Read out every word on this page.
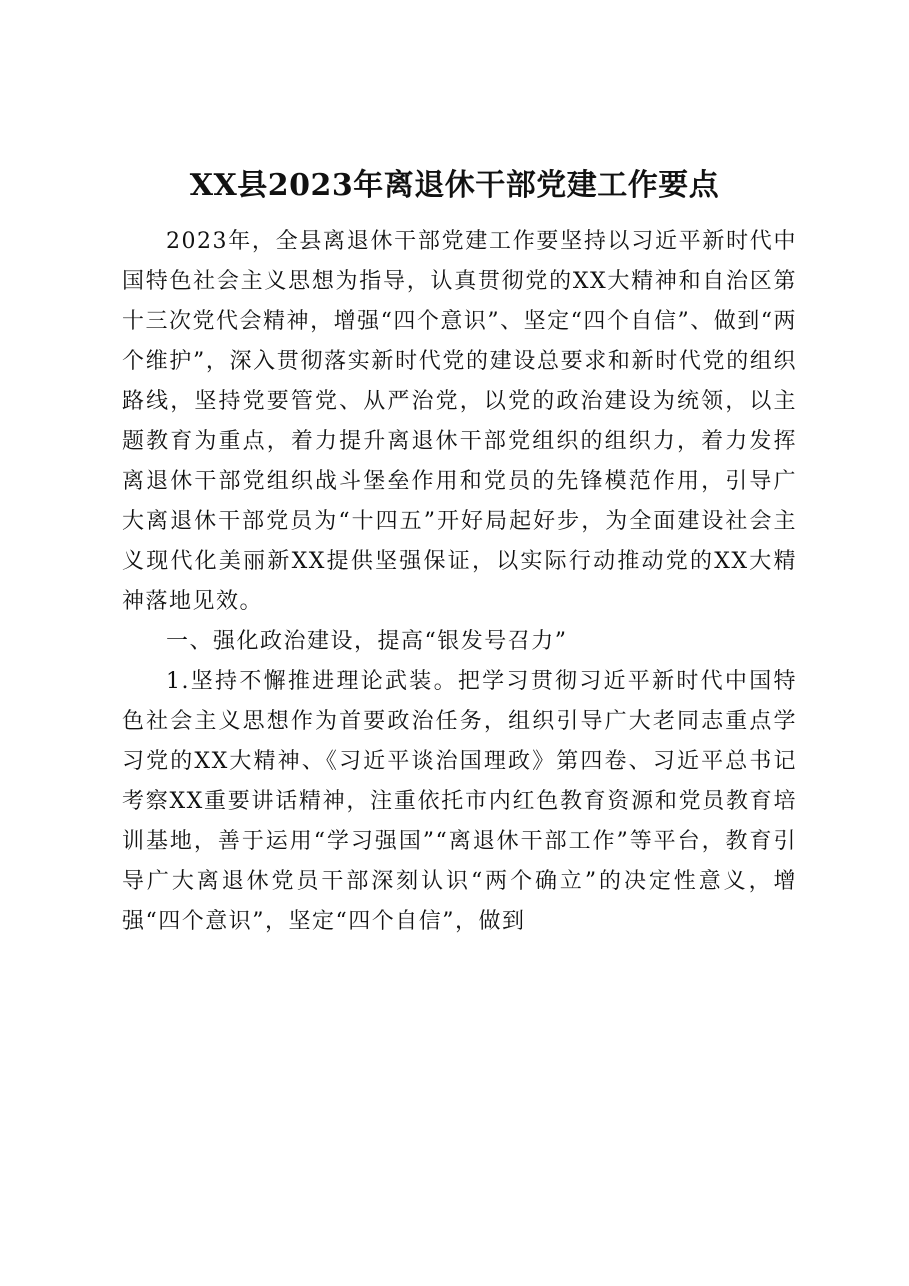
XX县2023年离退休干部党建工作要点

2023年，全县离退休干部党建工作要坚持以习近平新时代中国特色社会主义思想为指导，认真贯彻党的XX大精神和自治区第十三次党代会精神，增强“四个意识”、坚定“四个自信”、做到“两个维护”，深入贯彻落实新时代党的建设总要求和新时代党的组织路线，坚持党要管党、从严治党，以党的政治建设为统领，以主题教育为重点，着力提升离退休干部党组织的组织力，着力发挥离退休干部党组织战斗堡垒作用和党员的先锋模范作用，引导广大离退休干部党员为“十四五”开好局起好步，为全面建设社会主义现代化美丽新XX提供坚强保证，以实际行动推动党的XX大精神落地见效。

一、强化政治建设，提高“银发号召力”

1.坚持不懈推进理论武装。把学习贯彻习近平新时代中国特色社会主义思想作为首要政治任务，组织引导广大老同志重点学习党的XX大精神、《习近平谈治国理政》第四卷、习近平总书记考察XX重要讲话精神，注重依托市内红色教育资源和党员教育培训基地，善于运用“学习强国”“离退休干部工作”等平台，教育引导广大离退休党员干部深刻认识“两个确立”的决定性意义，增强“四个意识”，坚定“四个自信”，做到
